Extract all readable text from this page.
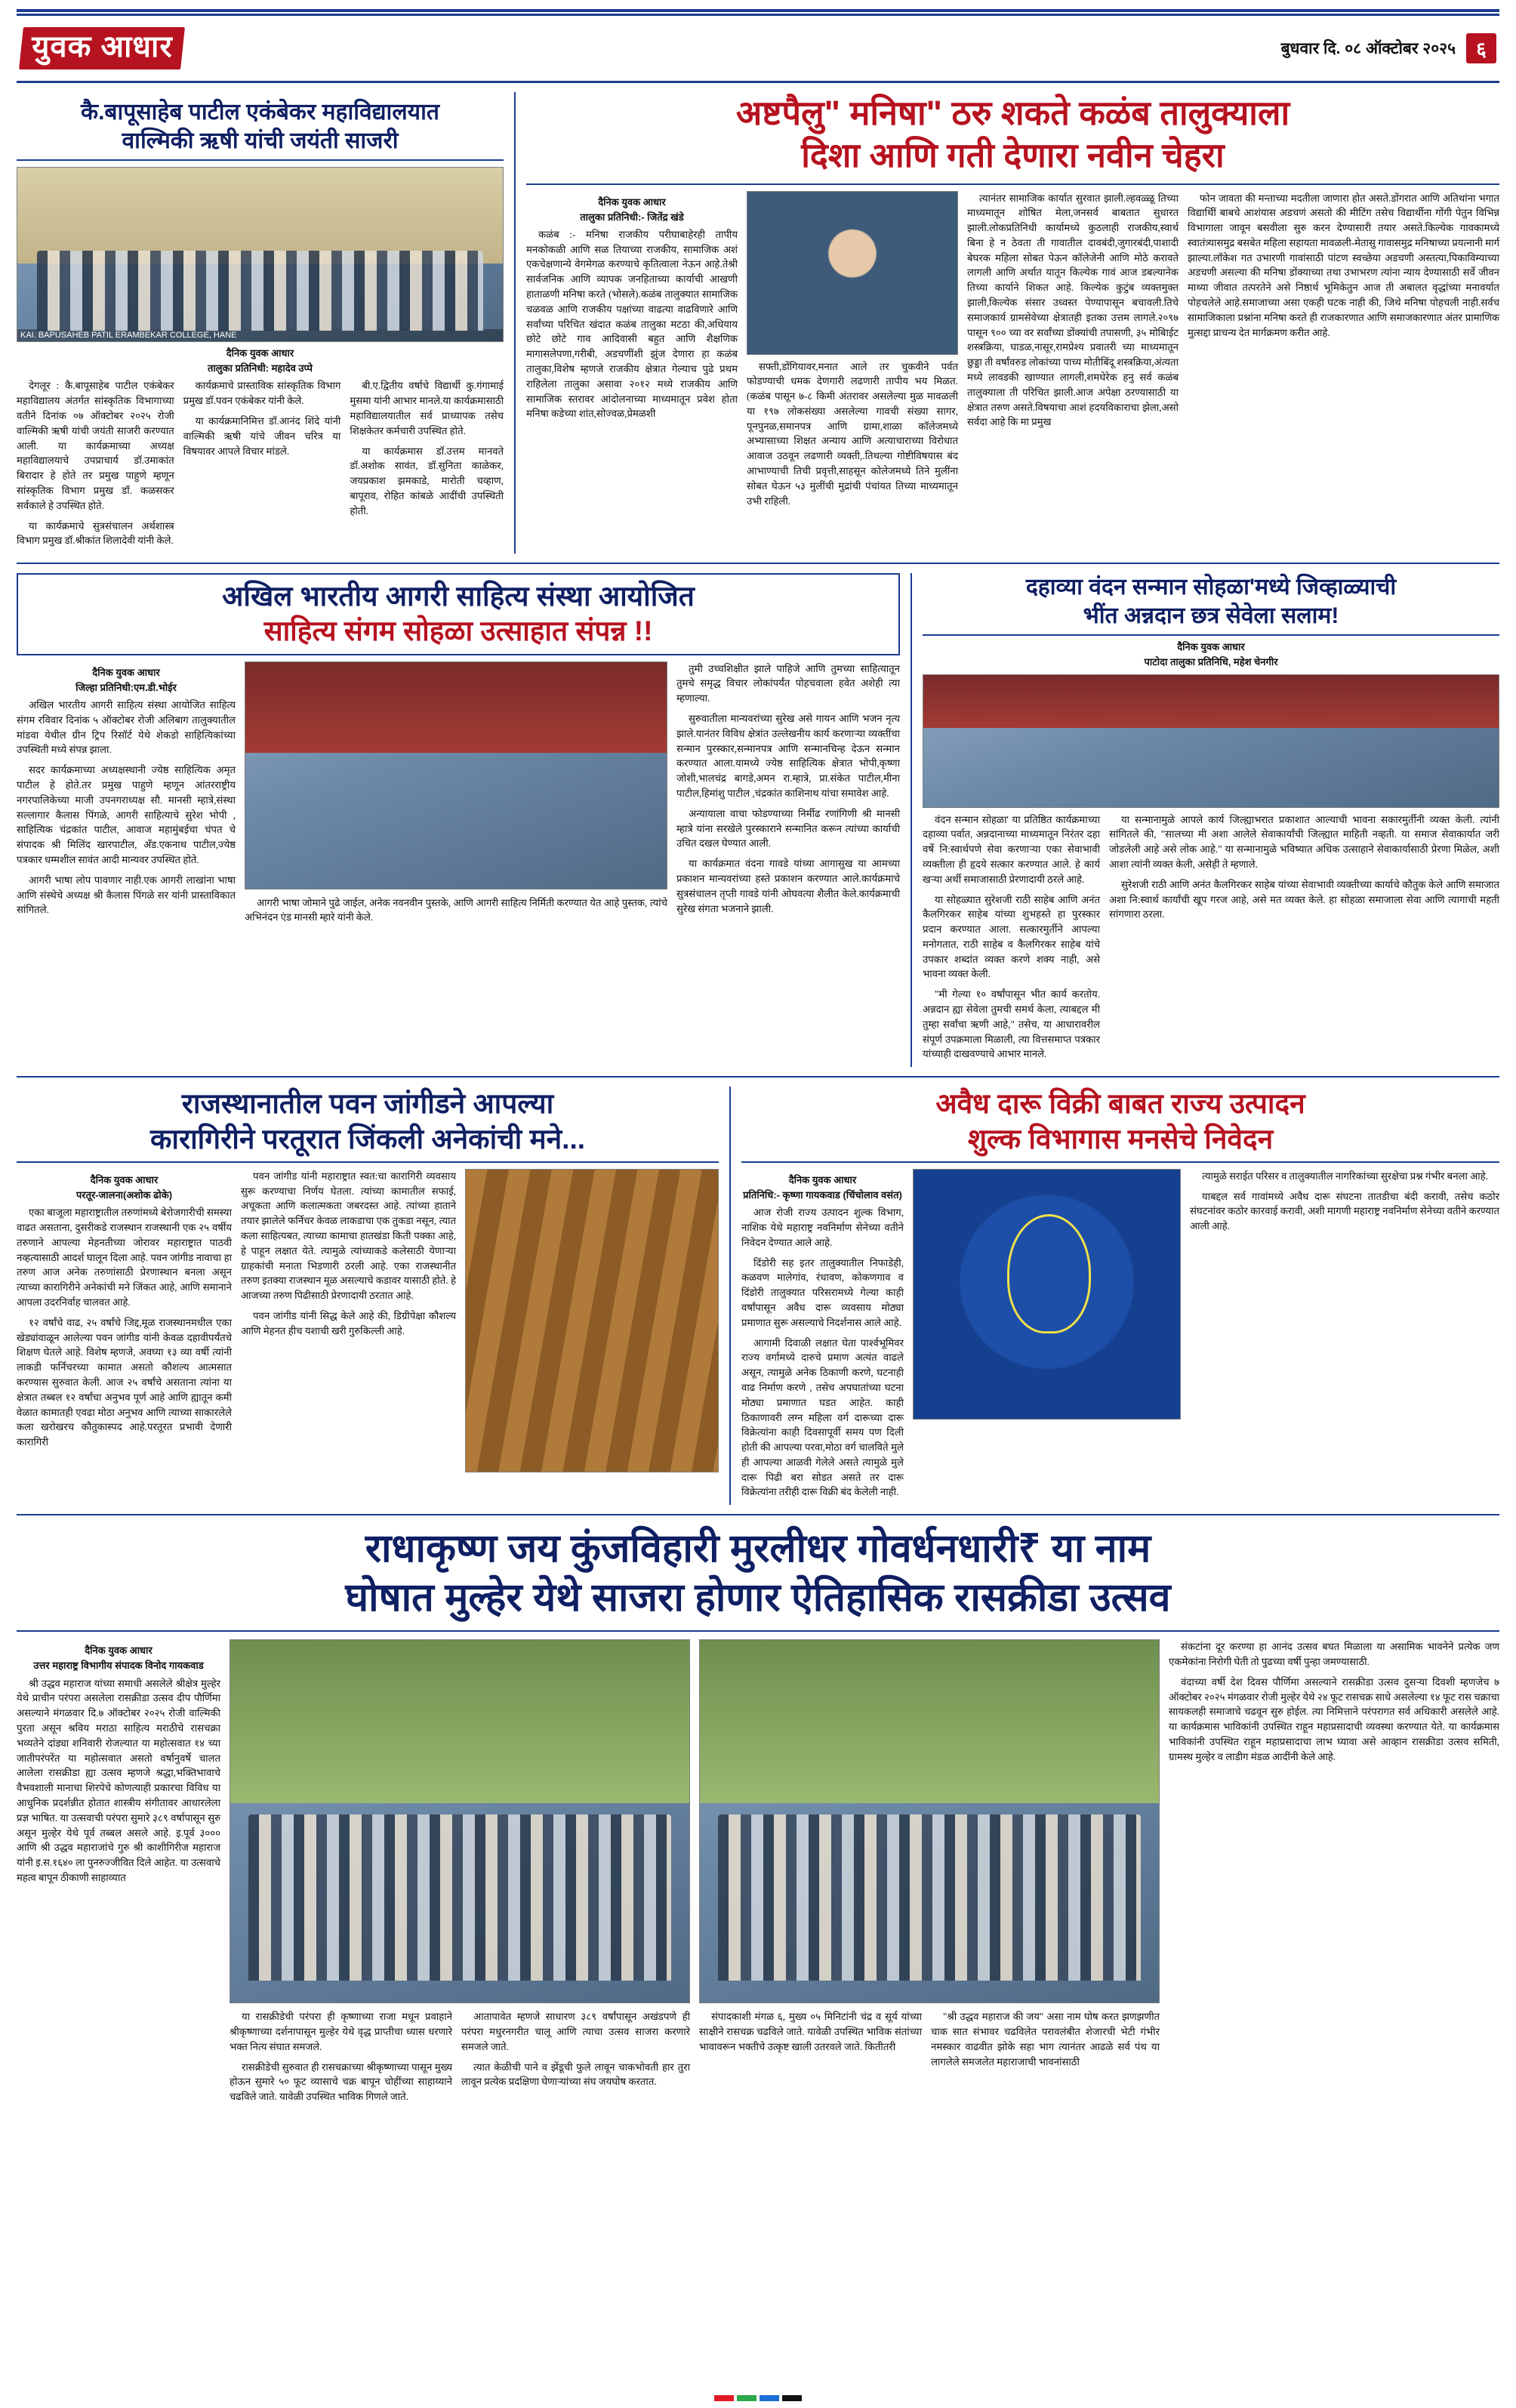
युवक आधार	बुधवार दि. ०८ ऑक्टोबर २०२५	६
कै.बापूसाहेब पाटील एकंबेकर महाविद्यालयात
वाल्मिकी ऋषी यांची जयंती साजरी
KAI. BAPUSAHEB PATIL ERAMBEKAR COLLEGE, HANE
दैनिक युवक आधार
तालुका प्रतिनिधी: महादेव उप्पे

देगलूर : कै.बापूसाहेब पाटील एकंबेकर महाविद्यालय अंतर्गत सांस्कृतिक विभागाच्या वतीने दिनांक ०७ ऑक्टोबर २०२५ रोजी वाल्मिकी ऋषी यांची जयंती साजरी करण्यात आली. या कार्यक्रमाच्या अध्यक्ष महाविद्यालयाचे उपप्राचार्य डॉ.उमाकांत बिरादार हे होते तर प्रमुख पाहुणे म्हणून सांस्कृतिक विभाग प्रमुख डॉ. कळसकर सर्वकाले हे उपस्थित होते.

या कार्यक्रमाचे सुत्रसंचालन अर्थशास्त्र विभाग प्रमुख डॉ.श्रीकांत शिलादेवी यांनी केले.

कार्यक्रमाचे प्रास्ताविक सांस्कृतिक विभाग प्रमुख डॉ.पवन एकंबेकर यांनी केले.

या कार्यक्रमानिमित्त डॉ.आनंद शिंदे यांनी वाल्मिकी ऋषी यांचे जीवन चरित्र या विषयावर आपले विचार मांडले.

बी.ए.द्वितीय वर्षाचे विद्यार्थी कु.गंगामाई मुसमा यांनी आभार मानले.या कार्यक्रमासाठी महाविद्यालयातील सर्व प्राध्यापक तसेच शिक्षकेतर कर्मचारी उपस्थित होते.

या कार्यक्रमास डॉ.उत्तम मानवते डॉ.अशोक सावंत, डॉ.सुनिता काळेकर, जयप्रकाश झमकाडे, मारोती चव्हाण, बापूराव, रोहित कांबळे आदींची उपस्थिती होती.

अष्टपैलु" मनिषा" ठरु शकते कळंब तालुक्याला
दिशा आणि गती देणारा नवीन चेहरा
दैनिक युवक आधार
तालुका प्रतिनिधी:- जितेंद्र खंडे

कळंब :- मनिषा राजकीय परीघाबाहेरही तापीय मनकोकळी आणि सळ तियाच्या राजकीय, सामाजिक अशं एकचेक्षणान्ये वेगमेगळ करण्याचे कृतित्वाला नेऊन आहे.तेश्री सार्वजनिक आणि व्यापक जनहिताच्या कार्याची आखणी हाताळणी मनिषा करते (भोसले).कळंब तालुक्यात सामाजिक चळवळ आणि राजकीय पक्षांच्या वाढत्या वाढविणारे आणि सर्वांच्या परिचित खंदात कळंब तालुका मटठा की,अधियाय छोटे छोटे गाव आदिवासी बहुत आणि शैक्षणिक मागासलेपणा,गरीबी, अडचणींशी झुंज देणारा हा कळंब तालुका,विशेष म्हणजे राजकीय क्षेत्रात गेल्याच पुढे प्रथम राहिलेला तालुका असावा २०१२ मध्ये राजकीय आणि सामाजिक स्तरावर आंदोलनाच्या माध्यमातून प्रवेश होता मनिषा कडेच्या शांत,सोज्वळ,प्रेमळशी

सफ्ती,डोंगियावर,मनात आले तर चुकवीने पर्वत फोडण्याची धमक देणगारी लढणारी तापीय भय मिळत.(कळंब पासून ७-८ किमी अंतरावर असलेल्या मुळ मावळली या १९७ लोकसंख्या असलेल्या गावची संख्या सागर, पूनपुनळ,समानपत्र आणि ग्रामा,शाळा कॉलेजमध्ये अभ्यासाच्या शिक्षत अन्याय आणि अत्याचाराच्या विरोधात आवाज उठवून लढणारी व्यक्ती,.तिथल्या गोष्टीविषयास बंद आभाण्याची तिची प्रवृत्ती,साहसून कोलेजमध्ये तिने मुलींना सोबत घेऊन ५३ मुलींची मुद्रांची पंचांयत तिच्या माध्यमातून उभी राहिली.

त्यानंतर सामाजिक कार्यात सुरवात झाली.ल्हवळ्ळू तिच्या माध्यमातून शोषित मेला,जनसर्व बाबतात सुधारत झाली.लोकप्रतिनिधी कार्यामध्ये कुठलाही राजकीय,स्वार्थ बिना हे न ठेवता ती गावातील दावबंदी,जुगारबंदी,पाशादी बेघरक महिला सोबत पेऊन कॉलेजेनी आणि मोठे करावते लागली आणि अर्थात यातून किल्येक गावं आज डबल्यानेक तिच्या कार्याने शिकत आहे. किल्येक कुटुंब व्यक्तमुक्त झाली,किल्येक संसार उध्वस्त पेण्यापासून बचावली.तिचे समाजकार्य ग्रामसेवेच्या क्षेत्रातही इतका उत्तम लागले.२०९७ पासून ९०० च्या वर सर्वांच्या डोंक्यांची तपासणी, ३५ मोबिाईट शस्त्रक्रिया, घाडळ,नासूर,रामप्रेश्य प्रवातरी च्या माध्यमातून छुड्डा ती वर्षांवरुड लोकांच्या पाच्य मोतीबिंदू शस्त्रक्रिया,अंत्यता मध्ये लावडकी खाण्यात लागली,शमधेरेक हनु सर्व कळंब तालुक्याला ती परिचित झाली.आज अपेक्षा ठरण्यासाठी या क्षेत्रात तरुण असते.विषयाचा आशं हदयविकाराचा झेला,असो सर्वदा आहे कि मा प्रमुख

फोन जावता की मन्ताच्या मदतीला जाणारा होत असते.डोंगरात आणि अतिथांना भगात विद्याथिीं बाबचे आशंयास अडचणं असतो की मीटिंग तसेच विद्यार्थीना गोंगी पेतुन विभिन्न विभागाला जावून बसवीला सुरु करन देण्यासारी तयार असते.किल्येक गावकामध्ये स्वातंत्र्यासमुद्र बसबेत महिला सहायता मावळली-मेतासु गावासमुद्र मनिषाच्या प्रयत्नानी मार्ग झाल्या.लॉकेश गत उभारणी गावांसाठी पांटण स्वच्छेया अडचणी अस्तत्या,पिकाविम्याच्या अडचणी असल्या की मनिषा डोंक्याच्या तथा उभाभरण त्यांना न्याय देण्यासाठी सर्वे जीवन माथ्या जीवात तत्परतेने असे निष्ठार्थ भूमिकेतुन आज ती अबालत वृद्धांच्या मनावर्यात पोहचलेले आहे.समाजाच्या असा एकही घटक नाही की, जिथे मनिषा पोहचली नाही.सर्वच सामाजिकाला प्रश्नांना मनिषा करते ही राजकारणात आणि समाजकारणात अंतर प्रामाणिक मुत्सद्दा प्राचन्य देत मार्गक्रमण करीत आहे.

अखिल भारतीय आगरी साहित्य संस्था आयोजित
साहित्य संगम सोहळा उत्साहात संपन्न !!
दैनिक युवक आधार
जिल्हा प्रतिनिधी:एम.डी.भोईर

अखिल भारतीय आगरी साहित्य संस्था आयोजित साहित्य संगम रविवार दिनांक ५ ऑक्टोबर रोजी अलिबाग तालुक्यातील मांडवा येथील ग्रीन ट्रिप रिसॉर्ट येथे शेकडो साहित्यिकांच्या उपस्थिती मध्ये संपन्न झाला.

सदर कार्यक्रमाच्या अध्यक्षस्थानी ज्येष्ठ साहित्यिक अमृत पाटील हे होते.तर प्रमुख पाहुणे म्हणून आंतरराष्ट्रीय नगरपालिकेच्या माजी उपनगराध्यक्ष सौ. मानसी म्हात्रे,संस्था सल्लागार कैलास पिंगळे, आगरी साहित्याचे सुरेश भोपी , साहित्यिक चंद्रकांत पाटील, आवाज महामुंबईचा चंपत चे संपादक श्री मिलिंद खारपाटील, अँड.एकनाथ पाटील,ज्येष्ठ पत्रकार धम्मशील सावंत आदी मान्यवर उपस्थित होते.

आगरी भाषा लोप पावणार नाही.एक आगरी लाखांना भाषा आणि संस्थेचे अध्यक्ष श्री कैलास पिंगळे सर यांनी प्रास्ताविकात सांगितले.

आगरी भाषा जोमाने पुढे जाईल, अनेक नवनवीन पुस्तके, आणि आगरी साहित्य निर्मिती करण्यात येत आहे पुस्तक, त्यांचे अभिनंदन एंड मानसी म्हारे यांनी केले.

तुमी उच्चशिक्षीत झाले पाहिजे आणि तुमच्या साहित्यातून तुमचे समृद्ध विचार लोकांपर्यंत पोहचवाला हवेत अशेही त्या म्हणाल्या.

सुरुवातीला मान्यवरांच्या सुरेख असे गायन आणि भजन नृत्य झाले.यानंतर विविध क्षेत्रांत उल्लेखनीय कार्य करणाऱ्या व्यक्तींचा सन्मान पुरस्कार,सन्मानपत्र आणि सन्मानचिन्ह देऊन सन्मान करण्यात आला.यामध्ये ज्येष्ठ साहित्यिक क्षेत्रात भोपी,कृष्णा जोशी,भालचंद्र बागडे,अमन रा.म्हात्रे, प्रा.संकेत पाटील,मीना पाटील,हिमांशु पाटील ,चंद्रकांत काशिनाथ यांचा समावेश आहे.

अन्यायाला वाचा फोडण्याच्या निर्मीढ रणांगिणी श्री मानसी म्हात्रे यांना सरखेले पुरस्काराने सन्मानित करून त्यांच्या कार्याची उचित दखल घेण्यात आली.

या कार्यक्रमात वंदना गावडे यांच्या आगासुख या आमच्या प्रकाशन मान्यवरांच्या हस्ते प्रकाशन करण्यात आले.कार्यक्रमाचे सुत्रसंचालन तृप्ती गावडे यांनी ओघवत्या शैलीत केले.कार्यक्रमाची सुरेख संगता भजनाने झाली.

दहाव्या वंदन सन्मान सोहळा'मध्ये जिव्हाळ्याची
भींत अन्नदान छत्र सेवेला सलाम!
दैनिक युवक आधार
पाटोदा तालुका प्रतिनिधि, महेश चेनगीर

वंदन सन्मान सोहळा' या प्रतिष्ठित कार्यक्रमाच्या दहाव्या पर्वात, अन्नदानाच्या माध्यमातून निरंतर दहा वर्षे नि:स्वार्थपणे सेवा करणाऱ्या एका सेवाभावी व्यक्तीला ही हृदये सत्कार करण्यात आले. हे कार्य खऱ्या अर्थी समाजासाठी प्रेरणादायी ठरले आहे.

या सोहळ्यात सुरेशजी राठी साहेब आणि अनंत कैलगिरकर साहेब यांच्या शुभहस्ते हा पुरस्कार प्रदान करण्यात आला. सत्कारमुर्तीने आपल्या मनोगतात, राठी साहेब व कैलगिरकर साहेब यांचे उपकार शब्दांत व्यक्त करणे शक्य नाही, असे भावना व्यक्त केली.

"मी गेल्या १० वर्षांपासून भीत कार्य करतोय. अन्नदान ह्या सेवेला तुमची समर्थ केला, त्याबद्दल मी तुम्हा सर्वांचा ऋणी आहे," तसेच, या आधारावरील संपूर्ण उपक्रमाला मिळाली, त्या वित्तसमाप्त पत्रकार यांच्याही दाखवण्याचे आभार मानले.

या सन्मानामुळे आपले कार्य जिल्ह्याभरात प्रकाशात आल्याची भावना सकारमुर्तीनी व्यक्त केली. त्यांनी सांगितले की, "सालच्या मी अशा आलेले सेवाकार्यांची जिल्ह्यात माहिती नव्हती. या समाज सेवाकार्यात जरी जोडलेली आहे असे लोक आहे." या सन्मानामुळे भविष्यात अधिक उत्साहाने सेवाकार्यासाठी प्रेरणा मिळेल, अशी आशा त्यांनी व्यक्त केली, असेही ते म्हणाले.

सुरेशजी राठी आणि अनंत कैलगिरकर साहेब यांच्या सेवाभावी व्यक्तीच्या कार्याचे कौतुक केले आणि समाजात अशा नि:स्वार्थ कार्यांची खूप गरज आहे, असे मत व्यक्त केले. हा सोहळा समाजाला सेवा आणि त्यागाची महती सांगणारा ठरला.

राजस्थानातील पवन जांगीडने आपल्या
कारागिरीने परतूरात जिंकली अनेकांची मने...
दैनिक युवक आधार
परतूर-जालना(अशोक ढोके)

एका बाजूला महाराष्ट्रातील तरुणांमध्ये बेरोजगारीची समस्या वाढत असताना, दुसरीकडे राजस्थान राजस्थानी एक २५ वर्षीय तरुणाने आपल्या मेहनतीच्या जोरावर महाराष्ट्रात पाठवी नव्हत्यासाठी आदर्श घालून दिला आहे. पवन जांगीड नावाचा हा तरुण आज अनेक तरुणांसाठी प्रेरणास्थान बनला असून त्याच्या कारागिरीने अनेकांची मने जिंकत आहे, आणि समानाने आपला उदरनिर्वाह चालवत आहे.

१२ वर्षांचे वाढ, २५ वर्षांचे जिद्द,मूळ राजस्थानमधील एका खेड्यांवाळून आलेल्या पवन जांगीड यांनी केवळ दहावीपर्यंतचे शिक्षण घेतले आहे. विशेष म्हणजे, अवघ्या १३ व्या वर्षी त्यांनी लाकडी फर्निचरच्या कामात असतो कौशल्य आत्मसात करण्यास सुरुवात केली. आज २५ वर्षांचे असताना त्यांना या क्षेत्रात तब्बल १२ वर्षांचा अनुभव पूर्ण आहे आणि ह्यातून कमी वेळात कामातही एवढा मोठा अनुभव आणि त्याच्या साकारलेले कला खरोखरच कौतुकास्पद आहे.परतूरत प्रभावी देणारी कारागिरी

पवन जांगीड यांनी महाराष्ट्रात स्वत:चा कारागिरी व्यवसाय सुरू करण्याचा निर्णय घेतला. त्यांच्या कामातील सफाई, अचूकता आणि कलात्मकता जबरदस्त आहे. त्यांच्या हाताने तयार झालेले फर्निचर केवळ लाकडाचा एक तुकडा नसून, त्यात कला साहित्यबत, त्याच्या कामाचा हातखंडा किती पक्का आहे, हे पाहून लक्षात येते. त्यामुळे त्यांच्याकडे कलेसाठी येणाऱ्या ग्राहकांची मनाता भिडणारी ठरली आहे. एका राजस्थानीत तरुण इतक्या राजस्थान मूळ असल्याचे कडावर यासाठी होते. हे आजच्या तरुण पिढीसाठी प्रेरणादायी ठरतात आहे.

पवन जांगीड यांनी सिद्ध केले आहे की, डिग्रीपेक्षा कौशल्य आणि मेहनत हीच यशाची खरी गुरुकिल्ली आहे.

अवैध दारू विक्री बाबत राज्य उत्पादन
शुल्क विभागास मनसेचे निवेदन
दैनिक युवक आधार
प्रतिनिधि:- कृष्णा गायकवाड (चिंचोलाव वसंत)

आज रोजी राज्य उत्पादन शुल्क विभाग, नाशिक येथे महाराष्ट्र नवनिर्माण सेनेच्या वतीने निवेदन देण्यात आले आहे.

दिंडोरी सह इतर तालुक्यातील निफाडेही, कळवण मालेगांव, रंधावण, कोकणगाव व दिंडोरी तालुक्यात परिसरामध्ये गेल्या काही वर्षांपासून अवैध दारू व्यवसाय मोठ्या प्रमाणात सुरू असल्याचे निदर्शनास आले आहे.

आगामी दिवाळी लक्षात घेता पार्श्वभूमिवर राज्य वर्गामध्ये दारुचे प्रमाण अत्यंत वाढले असून, त्यामुळे अनेक ठिकाणी करणे, घटनाही वाढ निर्माण करणे , तसेच अपघातांच्या घटना मोठ्या प्रमाणात घडत आहेत. काही ठिकाणावरी लग्न महिला वर्ग दारूच्या दारू विक्रेत्यांना काही दिवसापूर्वी समय पण दिली होती की आपल्या परवा,मोठा वर्ग चालविते मुले ही आपल्या आळवी गेलेले असते त्यामुळे मुले दारू पिढी बरा सोडत असते तर दारू विक्रेत्यांना तरीही दारू विक्री बंद केलेली नाही.

त्यामुळे सराईत परिसर व तालुक्यातील नागरिकांच्या सुरक्षेचा प्रश्न गंभीर बनला आहे.

याबद्दल सर्व गावांमध्ये अवैध दारू संघटना तातडीचा बंदी करावी, तसेच कठोर संघटनांवर कठोर कारवाई करावी, अशी मागणी महाराष्ट्र नवनिर्माण सेनेच्या वतीने करण्यात आली आहे.

राधाकृष्ण जय कुंजविहारी मुरलीधर गोवर्धनधारी₹ या नाम
घोषात मुल्हेर येथे साजरा होणार ऐतिहासिक रासक्रीडा उत्सव
दैनिक युवक आधार
उत्तर महाराष्ट्र विभागीय संपादक विनोद गायकवाड

श्री उद्धव महाराज यांच्या समाधी असलेले श्रीक्षेत्र मुल्हेर येथे प्राचीन परंपरा असलेला रासक्रीडा उत्सव दीप पौर्णिमा असल्याने मंगळवार दि.७ ऑक्टोबर २०२५ रोजी वाल्मिकी पुरता असून श्रविय मराठा साहित्य मराठीचे रासचक्रा भव्यतेने दांड्या शनिवारी रोजल्यात या महोत्सवात १४ च्या जातीपरंपरेंत या महोत्सवात असतो वर्षानुवर्षे चालत आलेला रासक्रीडा ह्या उत्सव म्हणजे श्रद्धा,भक्तिभावाचे वैभवशाली मानाचा शिरपेचे कोणत्याही प्रकारचा विविध या आधुनिक प्रदर्शन्नीत होतात शास्त्रीय संगीतावर आधारलेला प्रज्ञ भाषित. या उत्सवाची परंपरा सुमारे ३८९ वर्षापासून सुरु असून मुल्हेर येथे पूर्व तब्बल असले आहे. इ.पूर्व ३००० आणि श्री उद्धव महाराजांचे गुरु श्री काशीगिरीज महाराज यांनी इ.स.१६४० ला पुनरुज्जीवित दिले आहेत. या उत्सवाचे महत्व बापून ठीकाणी साहाव्यात

या रासक्रीडेची परंपरा ही कृष्णाच्या राजा मधून प्रवाहाने श्रीकृष्णाच्या दर्शनापासून मुल्हेर येथे वृद्ध प्राप्तीचा ध्यास धरणारे भक्त नित्य संघात समजले.

रासक्रीडेची सुरुवात ही रासचक्राच्या श्रीकृष्णाच्या पासून मुख्य होऊन सुमारे ५० फूट व्यासाचे चक्र बापून चोहींच्या साहाय्याने चढविले जाते. यावेळी उपस्थित भाविक गिणले जाते.

आतापावेत म्हणजे साधारण ३८९ वर्षांपासून अखंडपणे ही परंपरा मधुरनगरीत चालू आणि त्याचा उत्सव साजरा करणारे समजले जाते.

त्यात केळीची पाने व झेंडूची फुले लावून चाकभोवती हार तुरा लावून प्रत्येक प्रदक्षिणा घेणार्‍यांच्या संघ जयघोष करतात.

संपादकाशी मंगळ ६, मुख्य ०५ मिनिटांनी चंद्र व सूर्य यांच्या साक्षीने रासचक्र चढविले जाते. यावेळी उपस्थित भाविक संतांच्या भावावरून भक्तीचे उत्कृष्ट खाली उतरवले जाते. कितीतरी

"श्री उद्धव महाराज की जय" असा नाम घोष करत झणझणीत चाक सात संभावर चढविलेत परावलंबीत शेजारची भेटी गंभीर नमस्कार वाढवीत झोके सहा भाग त्यानंतर आढळे सर्व पंथ या लागलेले समजलेत महाराजाची भावनांसाठी

संकटांना दूर करण्या हा आनंद उत्सव बघत मिळाला या असामिक भावनेने प्रत्येक जण एकमेकांना निरोगी घेती तो पुढच्या वर्षी पुन्हा जमण्यासाठी.

वंदाच्या वर्षी देश दिवस पौर्णिमा असल्याने रासक्रीडा उत्सव दुसऱ्या दिवशी म्हणजेच ७ ऑक्टोबर २०२५ मंगळवार रोजी मुल्हेर येथे २४ फूट रासचक्र साधे असलेल्या १४ फूट रास चक्राचा सायकलही समाजाचे चढवून सुरु होईल. त्या निमित्ताने परंपरागत सर्व अधिकारी असलेले आहे. या कार्यक्रमास भाविकांनी उपस्थित राहून महाप्रसादाची व्यवस्था करण्यात येते. या कार्यक्रमास भाविकांनी उपस्थित राहून महाप्रसादाचा लाभ घ्यावा असे आव्हान रासक्रीडा उत्सव समिती, ग्रामस्थ मुल्हेर व लाडीग मंडळ आदींनी केले आहे.
